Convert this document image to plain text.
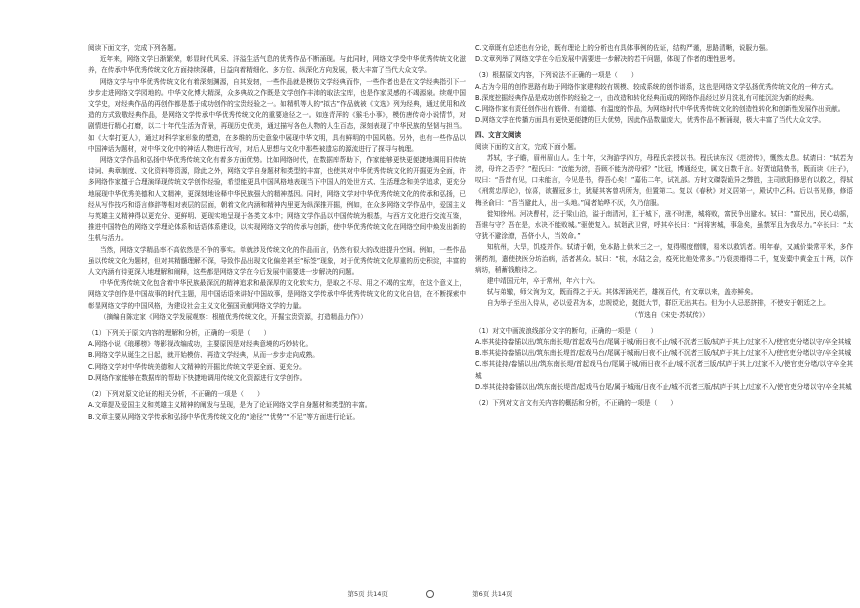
阅读下面文字，完成下列各题。

近年来，网络文学日渐繁荣，彰显时代风采、洋溢生活气息的优秀作品不断涌现。与此同时，网络文学受中华优秀传统文化滋养，在传承中华优秀传统文化方面持续深耕，日益向着精细化、多方位、纵深化方向发展，极大丰富了当代大众文学。

网络文学与中华优秀传统文化有着深刻渊源，自其发轫，一些作品就是模仿文学经典而作，一些作者也是在文学经典指引下一步步走进网络文学园地的。中华文化博大精深，众多典故之作既是文学创作丰沛的取法宝库，也是作家灵感的不竭源泉。续观中国文学史，对经典作品的再创作都是基于成功创作的宝贵经验之一。如精机等人的“拟古”作品就被《文选》列为经典，通过优用和改造的方式致敬经典作品，是网络文学传承中华优秀传统文化的重要途径之一。如连青萍的《猴毛小事》，模仿唐传奇小说情节，对剧情进行精心打磨，以二十年代生活为背景，再现历史优美，通过描写各色人物的人生百态，深刻表现了中华民族的坚韧与担当。如《大奉打更人》，通过对科学家形象的塑造，在多维的历史意象中展现中华文明，具有鲜明的中国风格。另外，也有一些作品以中国神话为题材，对中华文化中的神话人物进行改写，对后人思想与文化中那些被遗忘的源流进行了探寻与梳理。

网络文学作品和弘扬中华优秀传统文化有着多方面优势。比如网络时代，在数据库帮助下，作家能够更快更便捷地调用旧传统诗词、典章制度、文化资料等资源，除此之外，网络文学自身题材和类型的丰富，也使其对中华优秀传统文化的开掘更为全面，许多网络作家擅于合理演绎现传统文学创作经验，希望能更具中国风格地表现当下中国人的处世方式、生活理念和美学追求，更充分地展现中华优秀美德和人文精神，更深刻地诠释中华民族强大的精神基因。同时，网络文学对中华优秀传统文化的传承和弘扬，已经从写作技巧和语言修辞等相对表层的层面，朝着文化内涵和精神内里更为纵深推开掘，例如，在众多网络文学作品中，爱国主义与英雄主义精神得以更充分、更鲜明、更现实地呈现于各类文本中；网络文学作品以中国传统为根基，与西方文化进行交流互鉴，推进中国特色的网络文学理论体系和话语体系建设，以实现网络文学的传承与创新，使中华优秀传统文化在网络空间中焕发出新的生机与活力。

当然，网络文学精品率不高依然是不争的事实。单就涉及传统文化的作品而言，仍然有很大的改进提升空间。例如，一些作品虽以传统文化为题材，但对其精髓理解不深，导致作品出现文化偏差甚至“标签”现象，对于优秀传统文化厚重的历史积淀，丰富的人文内涵有待更深入地理解和阐释，这些都是网络文学在今后发展中需要进一步解决的问题。

中华优秀传统文化包含着中华民族最深沉的精神追求和最深厚的文化软实力，是取之不尽、用之不竭的宝库，在这个意义上，网络文学创作是中国故事的时代主题，用中国话语来讲好中国故事，是网络文学传承中华优秀传统文化的文化自信，在不断探索中彰显网络文学的中国风格，为建设社会主义文化强国贡献网络文学的力量。

（摘编自陈定家《网络文学发展观察：根植优秀传统文化，开掘宝贵资源，打造精品力作》）

（1）下列关于原文内容的理解和分析，正确的一项是（　　）

A.网络小说《琅琊榜》等影视改编成功，主要原因是对经典意境的巧妙转化。

B.网络文学从诞生之日起，就开始模仿、再造文学经典，从而一步步走向成熟。

C.网络文学对中华传统美德和人文精神的开掘比传统文学更全面、更充分。

D.网络作家能够在数据库的帮助下快捷地调用传统文化资源进行文学创作。

（2）下列对原文论证的相关分析，不正确的一项是（　　）

A.文章提及爱国主义和英雄主义精神的阐发与呈现，是为了论证网络文学自身题材和类型的丰富。

B.文章主要从网络文学传承和弘扬中华优秀传统文化的“途径”“优势”“不足”等方面进行论证。

C.文章既有总述也有分论，既有理论上的分析也有具体事例的佐证，结构严谨，思路清晰，说服力强。

D.文章列举了网络文学在今后发展中需要进一步解决的若干问题，体现了作者的理性思考。

（3）根据原文内容，下列说法不正确的一项是（　　）

A.古为今用的创作思路有助于网络作家建构较有规模、较成系统的创作谱系，这也是网络文学弘扬优秀传统文化的一种方式。

B.深度挖掘经典作品是成功创作的经验之一，由改造和转化经典而成的网络作品经过岁月洗礼有可能沉淀为新的经典。

C.网络作家有责任创作出有筋骨、有道德、有温度的作品，为网络时代中华优秀传统文化的创造性转化和创新性发展作出贡献。

D.网络文学在传播方面具有更快更便捷的巨大优势，因此作品数量庞大，优秀作品不断涌现，极大丰富了当代大众文学。

四、文言文阅读

阅读下面的文言文，完成下面小题。

苏轼，字子瞻，眉州眉山人。生十年，父洵游学四方，母程氏亲授以书。程氏读东汉《范滂传》，慨然太息。轼请曰：“轼若为滂，母许之否乎？”程氏曰：“汝能为滂，吾顾不能为滂母邪？”比冠，博通经史，属文日数千言。好贾谊陆贽书，既而读《庄子》，叹曰：“吾昔有见，口未能言，今见是书，得吾心矣！”嘉佑二年，试礼部。方时文磔裂诡异之弊胜，主司欧阳修思有以救之，得轼《刑赏忠厚论》，惊喜，欲擢冠多士，犹疑其客曾巩所为，但置第二。复以《春秋》对义居第一，殿试中乙科。后以书见修，修语梅圣俞曰：“吾当避此人，出一头地。”闻者始哗不厌，久乃信服。

徙知徐州。河决曹村，泛于梁山泊，溢于南清河，汇于城下，涨不时泄，城将败，富民争出避水。轼曰：“富民出，民心动摇，吾谁与守？吾在是，水决不能败城。”驱使复入。轼诣武卫营，呼其卒长曰：“河将害城，事急矣，虽禁军且为我尽力。”卒长曰：“太守犹不避涂潦，吾侪小人，当效命。”

知杭州，大旱，饥疫并作。轼请于朝，免本路上供米三之一，复得赐度僧牒，易米以救饥者。明年春，又减价粜常平米，多作粥药剂，遣使挟医分坊治病，活者甚众。轼曰：“杭，水陆之会，疫死比他处常多。”乃裒羡缗得二千，复发橐中黄金五十两，以作病坊，稍蓄钱粮待之。

建中靖国元年，卒于常州，年六十六。

轼与弟辙，师父洵为文，既而得之于天。其体浑涵光芒，雄视百代，有文章以来，盖亦鲜矣。

自为举子至出入侍从，必以爱君为本，忠规谠论，挺挺大节，群臣无出其右。但为小人忌恶挤排，不使安于朝廷之上。

（节选自《宋史·苏轼传》）

（1）对文中画波浪线部分文字的断句，正确的一项是（　　）

A.率其徒持畚锸以出/筑东南长堤/首起戏马台/尾属于城/雨日夜不止/城不沉者三版/轼庐于其上/过家不入/使官吏分堵以守/卒全其城

B.率其徒持畚锸以出/筑东南长堤首/起戏马台/尾属于城雨/日夜不止/城不沉者三版/轼庐于其上/过家不入/使官吏分堵以守/卒全其城

C.率其徒持/畚锸以出/筑东南长堤/首起戏马台/尾属于城/雨日夜不止/城不沉者三版/轼庐于其上/过家不入/使官吏分堵/以守卒全其城

D.率其徒持畚锸以出/筑东南长堤首/起戏马台尾/属于城雨/日夜不止/城不沉者三版/轼庐于其上/过家不入/使官吏分堵以守/卒全其城

（2）下列对文言文有关内容的概括和分析，不正确的一项是（　　）

第5页 共14页	第6页 共14页
